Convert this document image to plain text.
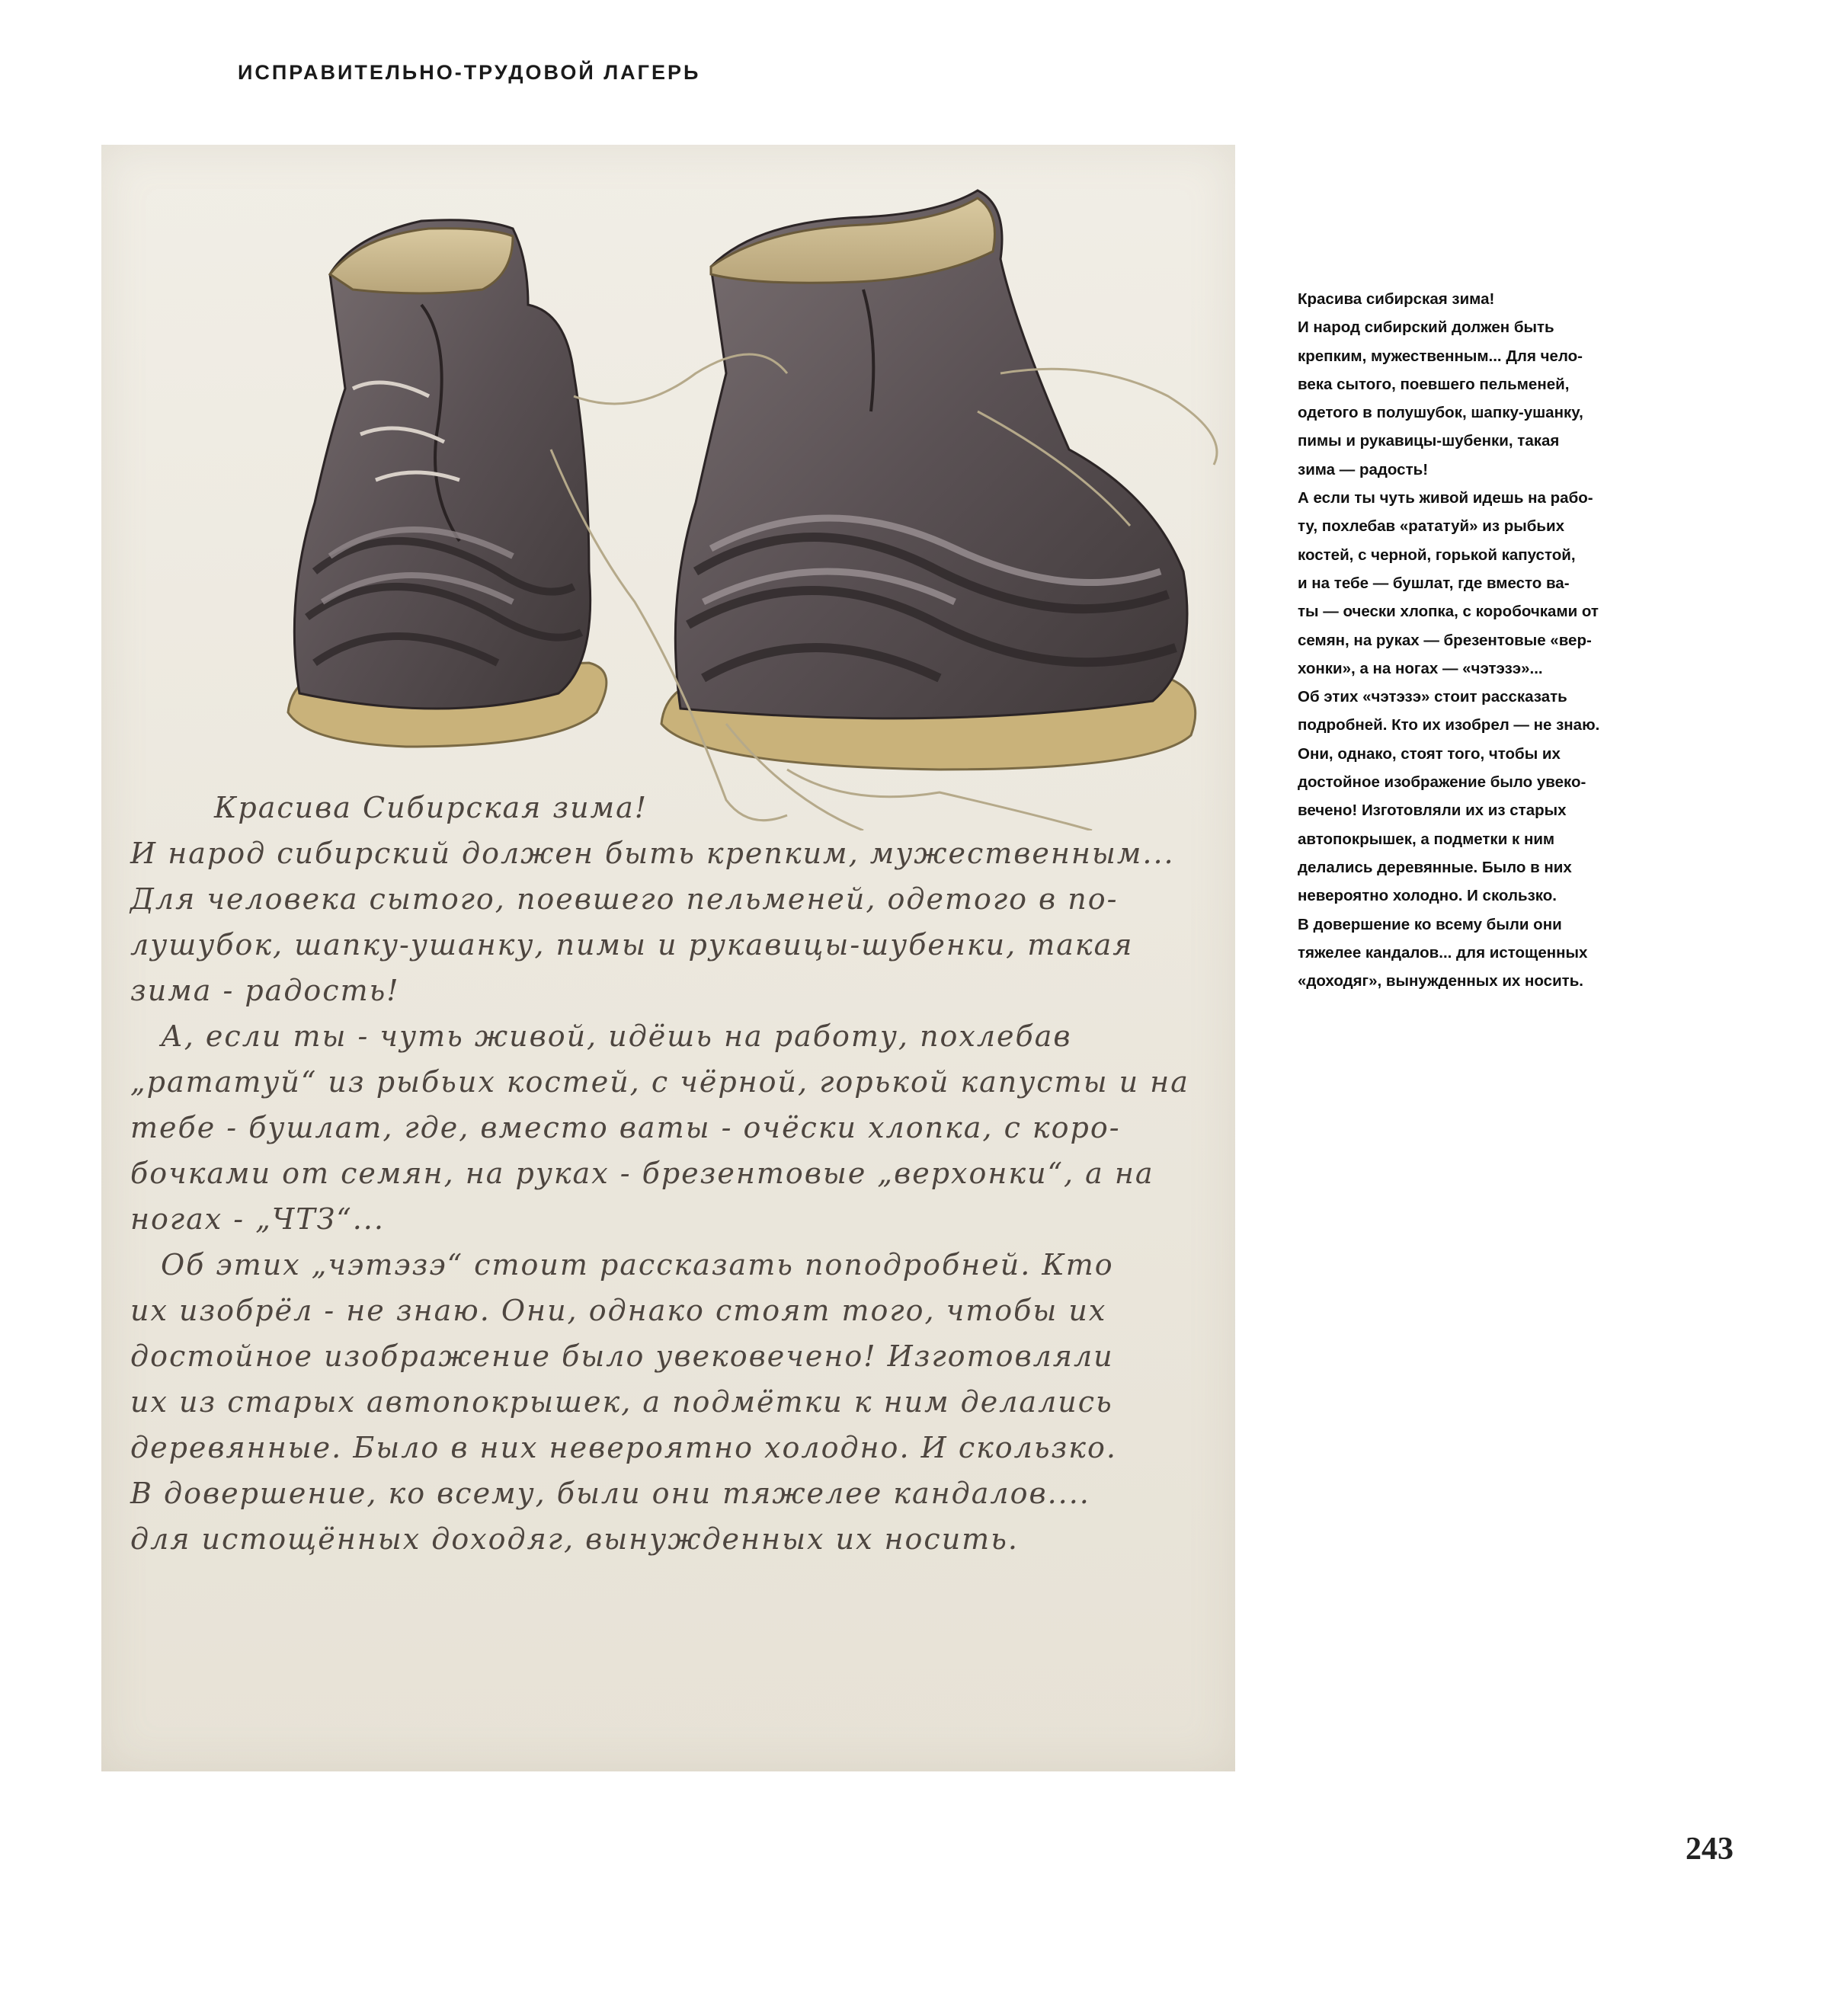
ИСПРАВИТЕЛЬНО-ТРУДОВОЙ ЛАГЕРЬ

Красива Сибирская зима!

И народ сибирский должен быть крепким, мужественным...

Для человека сытого, поевшего пельменей, одетого в по-

лушубок, шапку-ушанку, пимы и рукавицы-шубенки, такая

зима - радость!

А, если ты - чуть живой, идёшь на работу, похлебав

„рататуй“ из рыбьих костей, с чёрной, горькой капусты и на

тебе - бушлат, где, вместо ваты - очёски хлопка, с коро-

бочками от семян, на руках - брезентовые „верхонки“, а на

ногах - „ЧТЗ“...

Об этих „чэтэзэ“ стоит рассказать поподробней. Кто

их изобрёл - не знаю. Они, однако стоят того, чтобы их

достойное изображение было увековечено! Изготовляли

их из старых автопокрышек, а подмётки к ним делались

деревянные. Было в них невероятно холодно. И скользко.

В довершение, ко всему, были они тяжелее кандалов....

для истощённых доходяг, вынужденных их носить.

Красива сибирская зима!

И народ сибирский должен быть

крепким, мужественным... Для чело-

века сытого, поевшего пельменей,

одетого в полушубок, шапку-ушанку,

пимы и рукавицы-шубенки, такая

зима — радость!

А если ты чуть живой идешь на рабо-

ту, похлебав «рататуй» из рыбьих

костей, с черной, горькой капустой,

и на тебе — бушлат, где вместо ва-

ты — очески хлопка, с коробочками от

семян, на руках — брезентовые «вер-

хонки», а на ногах — «чэтэзэ»...

Об этих «чэтэзэ» стоит рассказать

подробней. Кто их изобрел — не знаю.

Они, однако, стоят того, чтобы их

достойное изображение было увеко-

вечено! Изготовляли их из старых

автопокрышек, а подметки к ним

делались деревянные. Было в них

невероятно холодно. И скользко.

В довершение ко всему были они

тяжелее кандалов... для истощенных

«доходяг», вынужденных их носить.

243
